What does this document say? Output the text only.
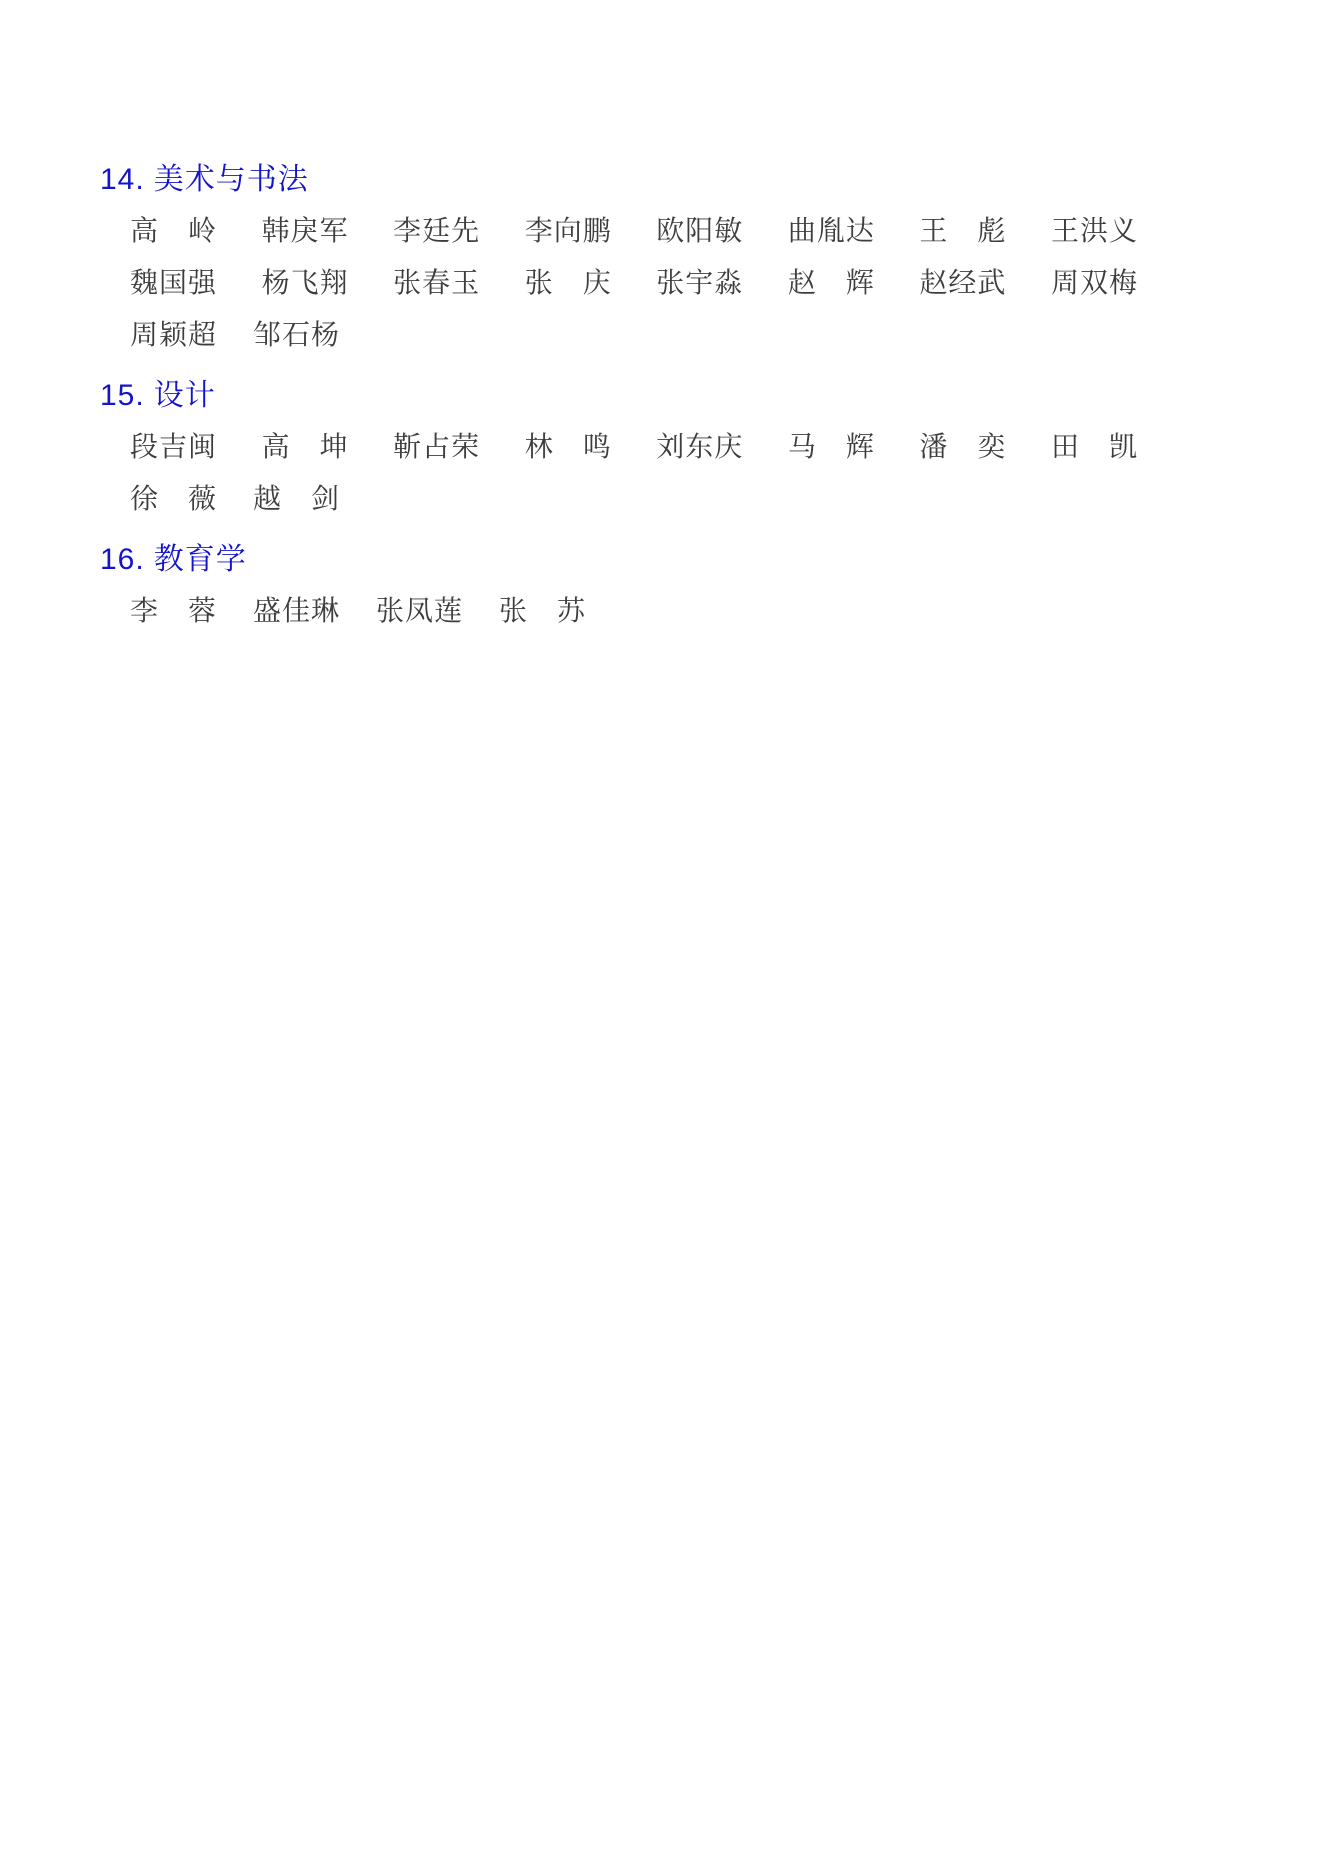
14. 美术与书法
高　岭 韩戾军 李廷先 李向鹏 欧阳敏 曲胤达 王　彪 王洪义
魏国强 杨飞翔 张春玉 张　庆 张宇淼 赵　辉 赵经武 周双梅
周颖超 邹石杨
15. 设计
段吉闽 高　坤 靳占荣 林　鸣 刘东庆 马　辉 潘　奕 田　凯
徐　薇 越　剑
16. 教育学
李　蓉 盛佳琳 张凤莲 张　苏
